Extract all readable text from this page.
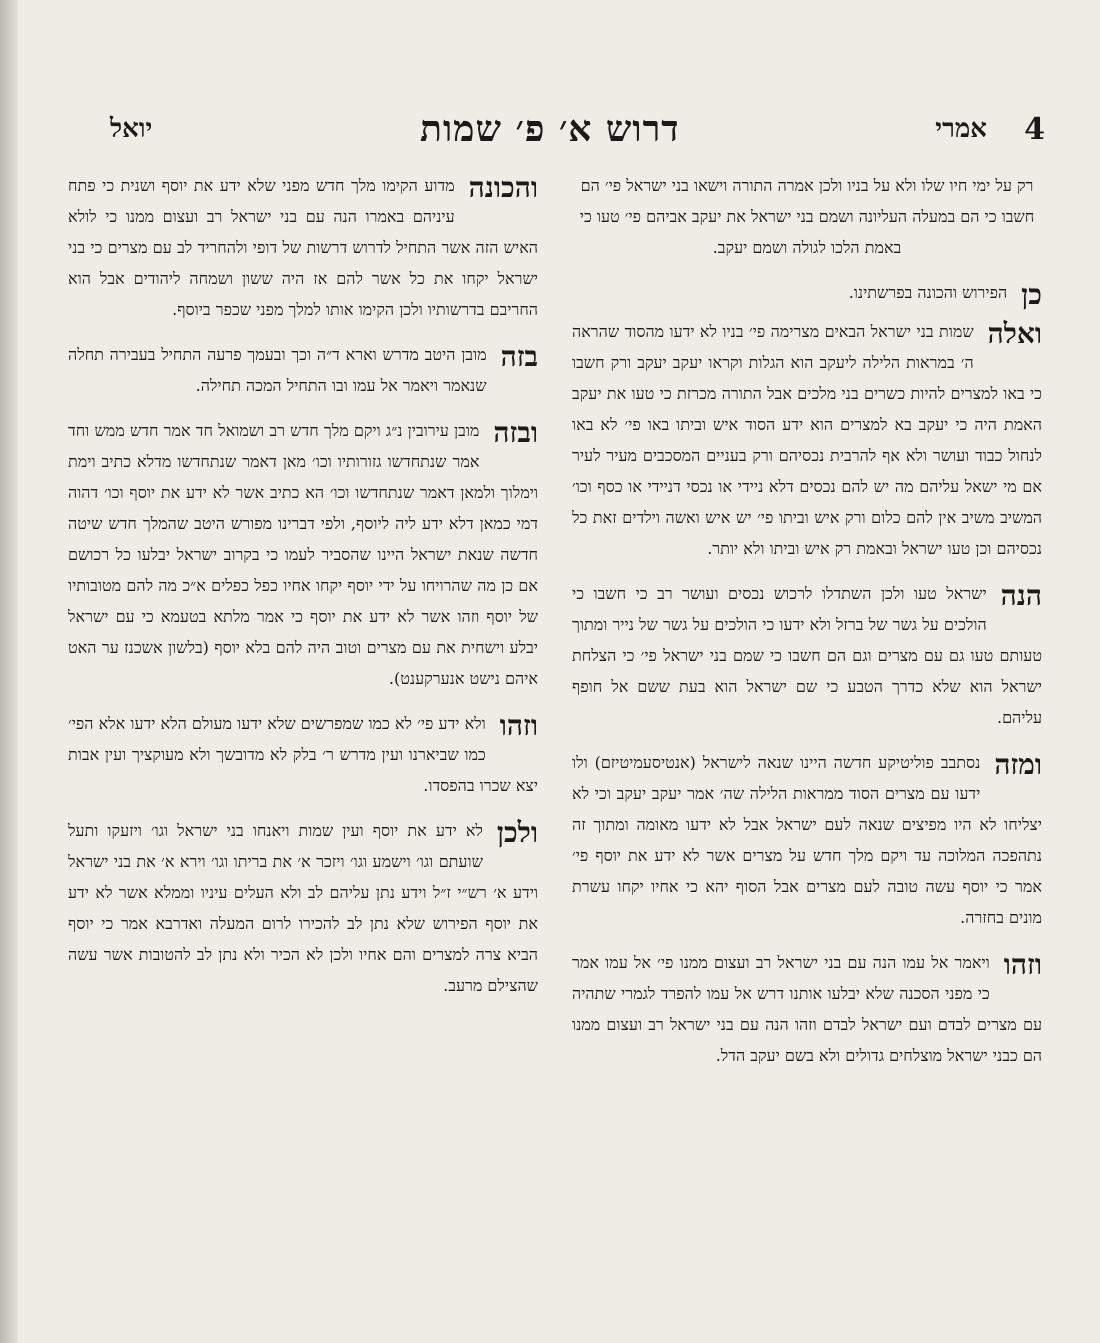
4
אמרי
דרוש א׳ פ׳ שמות
יואל

רק על ימי חיו שלו ולא על בניו ולכן אמרה התורה וישאו בני ישראל פי׳ הם חשבו כי הם במעלה העליונה ושמם בני ישראל את יעקב אביהם פי׳ טעו כי באמת הלכו לגולה ושמם יעקב.

כן
הפירוש והכונה בפרשתינו.

ואלה
שמות בני ישראל הבאים מצרימה פי׳ בניו לא ידעו מהסוד שהראה ה׳ במראות הלילה ליעקב הוא הגלות וקראו יעקב יעקב ורק חשבו כי באו למצרים להיות כשרים בני מלכים אבל התורה מכרזת כי טעו את יעקב האמת היה כי יעקב בא למצרים הוא ידע הסוד איש וביתו באו פי׳ לא באו לנחול כבוד ועושר ולא אף להרבית נכסיהם ורק בעניים המסכבים מעיר לעיר אם מי ישאל עליהם מה יש להם נכסים דלא ניידי או נכסי דניידי או כסף וכו׳ המשיב משיב אין להם כלום ורק איש וביתו פי׳ יש איש ואשה וילדים זאת כל נכסיהם וכן טעו ישראל ובאמת רק איש וביתו ולא יותר.

הנה
ישראל טעו ולכן השתדלו לרכוש נכסים ועושר רב כי חשבו כי הולכים על גשר של ברזל ולא ידעו כי הולכים על גשר של נייר ומתוך טעותם טעו גם עם מצרים וגם הם חשבו כי שמם בני ישראל פי׳ כי הצלחת ישראל הוא שלא כדרך הטבע כי שם ישראל הוא בעת ששם אל חופף עליהם.

ומזה
נסתבב פוליטיקע חדשה היינו שנאה לישראל (אנטיסעמיטיזם) ולו ידעו עם מצרים הסוד ממראות הלילה שה׳ אמר יעקב יעקב וכי לא יצליחו לא היו מפיצים שנאה לעם ישראל אבל לא ידעו מאומה ומתוך זה נתהפכה המלוכה עד ויקם מלך חדש על מצרים אשר לא ידע את יוסף פי׳ אמר כי יוסף עשה טובה לעם מצרים אבל הסוף יהא כי אחיו יקחו עשרת מונים בחזרה.

וזהו
ויאמר אל עמו הנה עם בני ישראל רב ועצום ממנו פי׳ אל עמו אמר כי מפני הסכנה שלא יבלעו אותנו דרש אל עמו להפרד לגמרי שתהיה עם מצרים לבדם ועם ישראל לבדם וזהו הנה עם בני ישראל רב ועצום ממנו הם כבני ישראל מוצלחים גדולים ולא בשם יעקב הדל.

והכונה
מדוע הקימו מלך חדש מפני שלא ידע את יוסף ושנית כי פתח עיניהם באמרו הנה עם בני ישראל רב ועצום ממנו כי לולא האיש הזה אשר התחיל לדרוש דרשות של דופי ולהחריד לב עם מצרים כי בני ישראל יקחו את כל אשר להם אז היה ששון ושמחה ליהודים אבל הוא החריבם בדרשותיו ולכן הקימו אותו למלך מפני שכפר ביוסף.

בזה
מובן היטב מדרש וארא ד״ה וכך ובעמך פרעה התחיל בעבירה תחלה שנאמר ויאמר אל עמו ובו התחיל המכה תחילה.

ובזה
מובן עירובין נ״ג ויקם מלך חדש רב ושמואל חד אמר חדש ממש וחד אמר שנתחדשו גזורותיו וכו׳ מאן דאמר שנתחדשו מדלא כתיב וימת וימלוך ולמאן דאמר שנתחדשו וכו׳ הא כתיב אשר לא ידע את יוסף וכו׳ דהוה דמי כמאן דלא ידע ליה ליוסף, ולפי דברינו מפורש היטב שהמלך חדש שיטה חדשה שנאת ישראל היינו שהסביר לעמו כי בקרוב ישראל יבלעו כל רכושם אם כן מה שהרויחו על ידי יוסף יקחו אחיו כפל כפלים א״כ מה להם מטובותיו של יוסף וזהו אשר לא ידע את יוסף כי אמר מלתא בטעמא כי עם ישראל יבלע וישחית את עם מצרים וטוב היה להם בלא יוסף (בלשון אשכנז ער האט איהם נישט אנערקענט).

וזהו
ולא ידע פי׳ לא כמו שמפרשים שלא ידעו מעולם הלא ידעו אלא הפי׳ כמו שביארנו ועין מדרש ר׳ בלק לא מדובשך ולא מעוקציך ועין אבות יצא שכרו בהפסדו.

ולכן
לא ידע את יוסף ועין שמות ויאנחו בני ישראל וגו׳ ויזעקו ותעל שועתם וגו׳ וישמע וגו׳ ויזכר א׳ את בריתו וגו׳ וירא א׳ את בני ישראל וידע א׳ רש״י ז״ל וידע נתן עליהם לב ולא העלים עיניו וממלא אשר לא ידע את יוסף הפירוש שלא נתן לב להכירו לרום המעלה ואדרבא אמר כי יוסף הביא צרה למצרים והם אחיו ולכן לא הכיר ולא נתן לב להטובות אשר עשה שהצילם מרעב.
